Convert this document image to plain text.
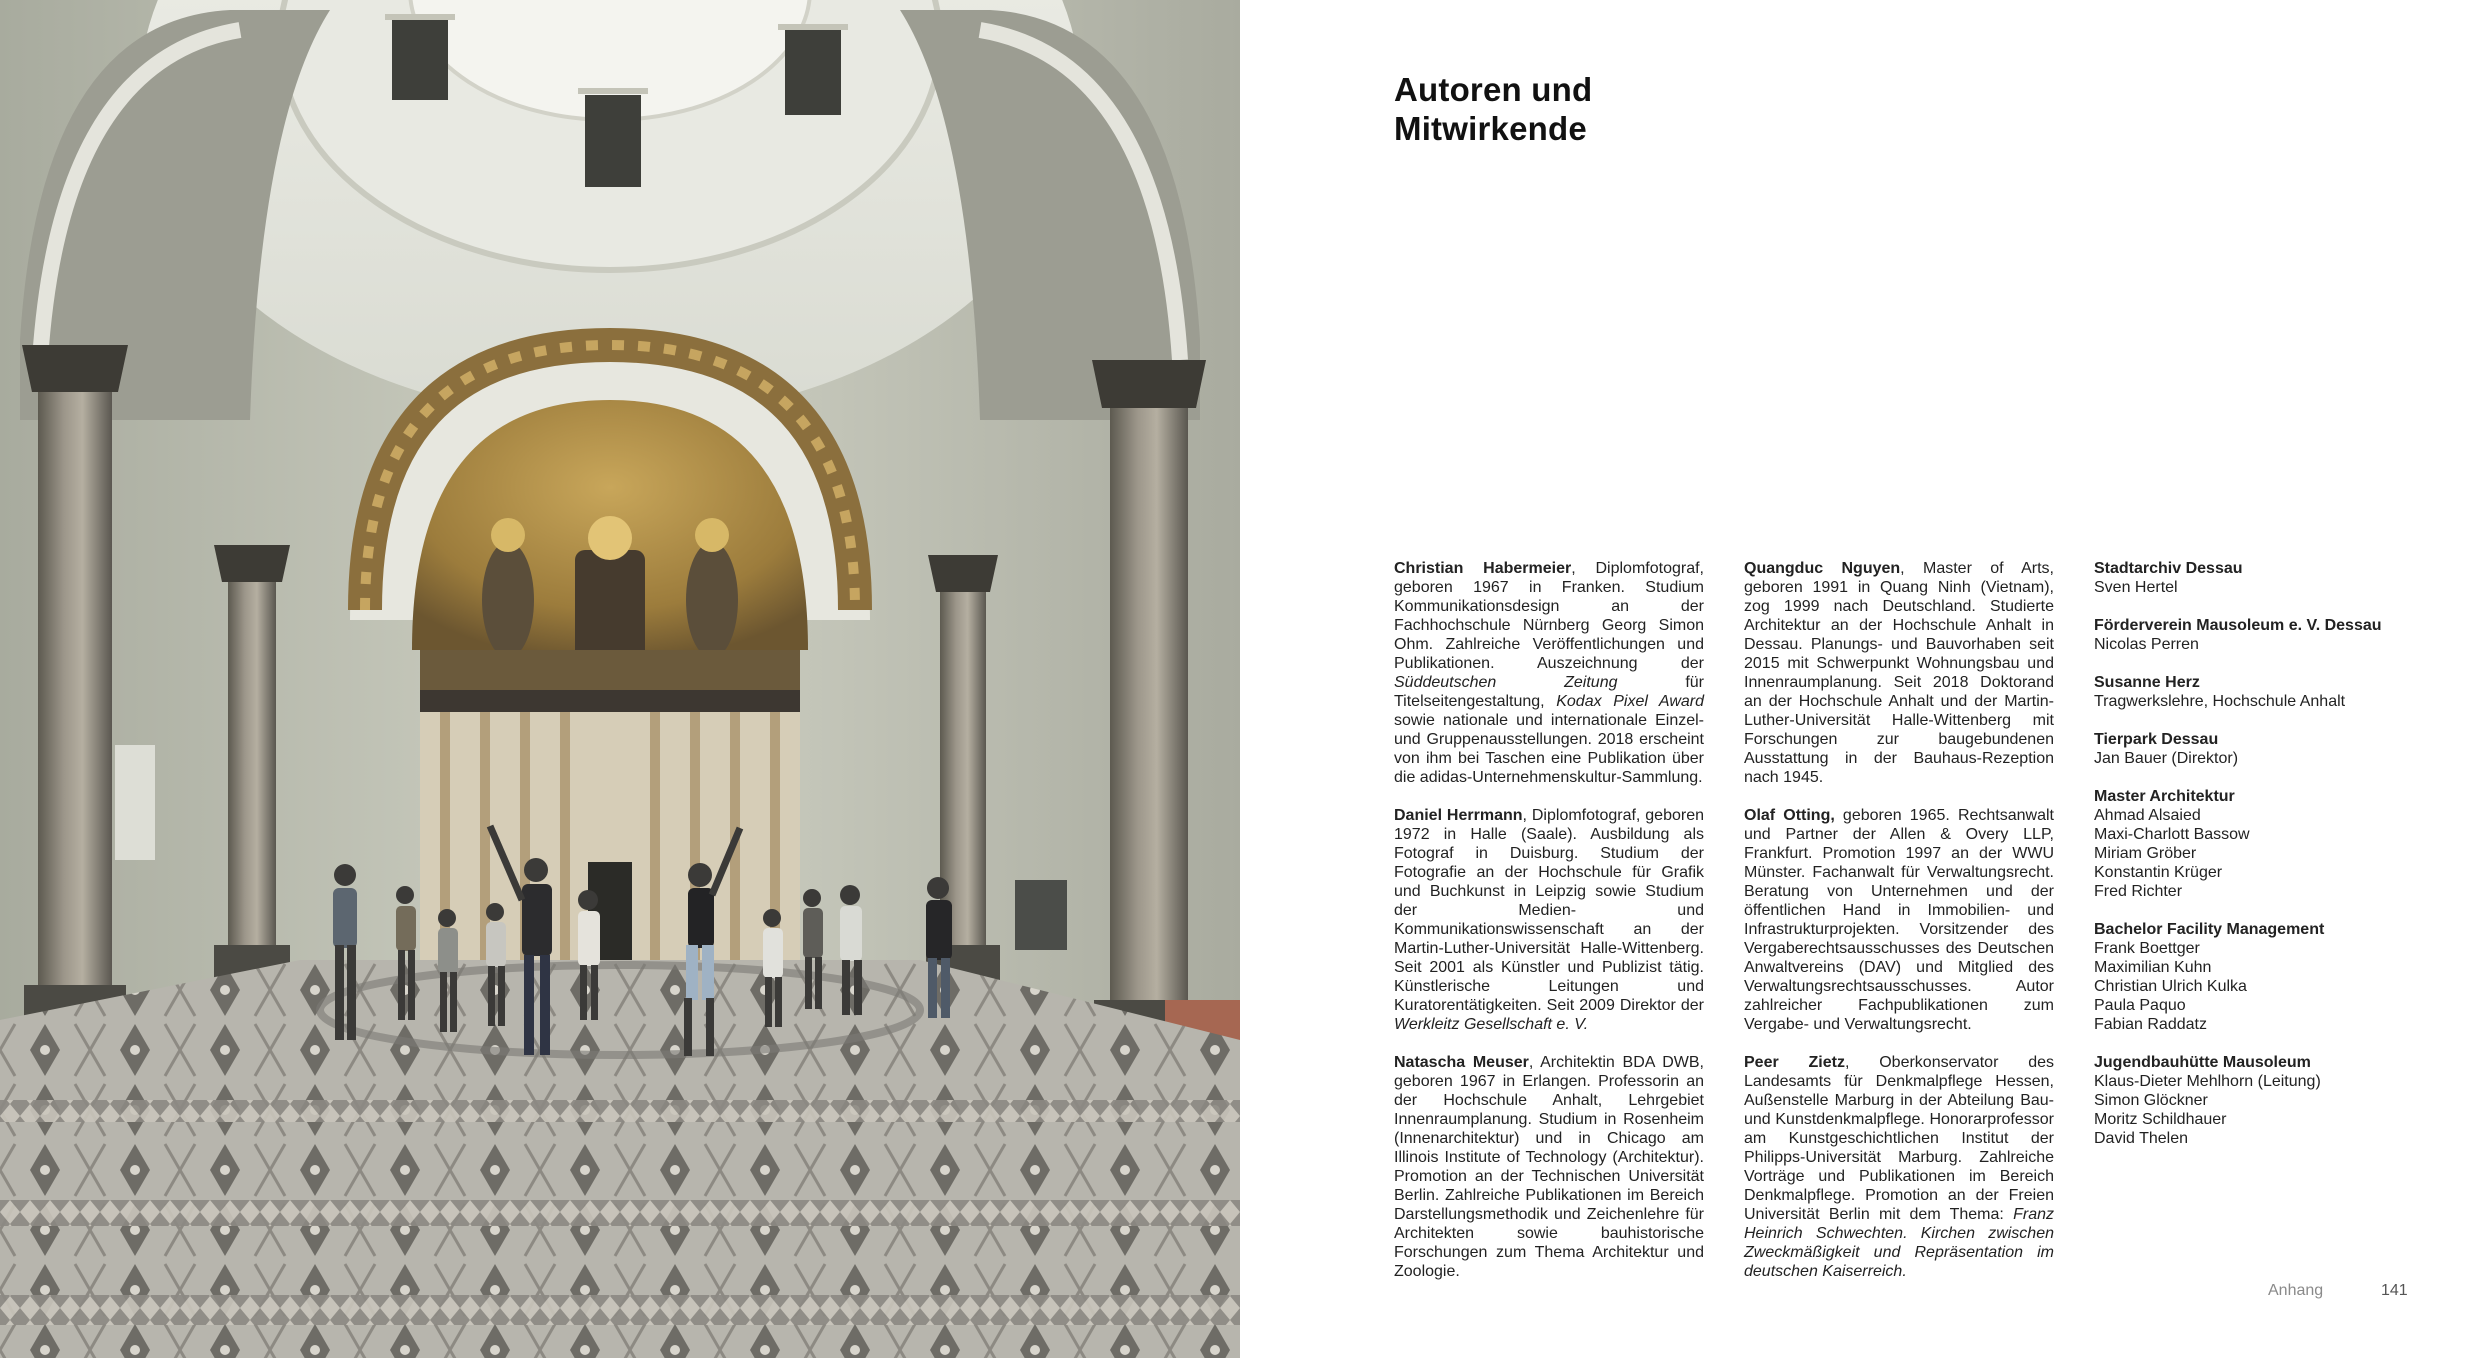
Autoren und
Mitwirkende

Christian Habermeier, Diplomfotograf, geboren 1967 in Franken. Studium Kommunikationsdesign an der Fachhochschule Nürnberg Georg Simon Ohm. Zahlreiche Veröffentlichungen und Publikationen. Auszeichnung der Süddeutschen Zeitung für Titelseitengestaltung, Kodax Pixel Award sowie nationale und internationale Einzel- und Gruppenausstellungen. 2018 erscheint von ihm bei Taschen eine Publikation über die adidas-Unternehmenskultur-Sammlung.

Daniel Herrmann, Diplomfotograf, geboren 1972 in Halle (Saale). Ausbildung als Fotograf in Duisburg. Studium der Fotografie an der Hochschule für Grafik und Buchkunst in Leipzig sowie Studium der Medien- und Kommunikationswissenschaft an der Martin-Luther-Universität Halle-Wittenberg. Seit 2001 als Künstler und Publizist tätig. Künstlerische Leitungen und Kuratorentätigkeiten. Seit 2009 Direktor der Werkleitz Gesellschaft e. V.

Natascha Meuser, Architektin BDA DWB, geboren 1967 in Erlangen. Professorin an der Hochschule Anhalt, Lehrgebiet Innenraumplanung. Studium in Rosenheim (Innenarchitektur) und in Chicago am Illinois Institute of Technology (Architektur). Promotion an der Technischen Universität Berlin. Zahlreiche Publikationen im Bereich Darstellungsmethodik und Zeichenlehre für Architekten sowie bauhistorische Forschungen zum Thema Architektur und Zoologie.

Quangduc Nguyen, Master of Arts, geboren 1991 in Quang Ninh (Vietnam), zog 1999 nach Deutschland. Studierte Architektur an der Hochschule Anhalt in Dessau. Planungs- und Bauvorhaben seit 2015 mit Schwerpunkt Wohnungsbau und Innenraumplanung. Seit 2018 Doktorand an der Hochschule Anhalt und der Martin-Luther-Universität Halle-Wittenberg mit Forschungen zur baugebundenen Ausstattung in der Bauhaus-Rezeption nach 1945.

Olaf Otting, geboren 1965. Rechtsanwalt und Partner der Allen & Overy LLP, Frankfurt. Promotion 1997 an der WWU Münster. Fachanwalt für Verwaltungsrecht. Beratung von Unternehmen und der öffentlichen Hand in Immobilien- und Infrastrukturprojekten. Vorsitzender des Vergaberechtsausschusses des Deutschen Anwaltvereins (DAV) und Mitglied des Verwaltungsrechtsausschusses. Autor zahlreicher Fachpublikationen zum Vergabe- und Verwaltungsrecht.

Peer Zietz, Oberkonservator des Landesamts für Denkmalpflege Hessen, Außenstelle Marburg in der Abteilung Bau- und Kunstdenkmalpflege. Honorarprofessor am Kunstgeschichtlichen Institut der Philipps-Universität Marburg. Zahlreiche Vorträge und Publikationen im Bereich Denkmalpflege. Promotion an der Freien Universität Berlin mit dem Thema: Franz Heinrich Schwechten. Kirchen zwischen Zweckmäßigkeit und Repräsentation im deutschen Kaiserreich.

Stadtarchiv Dessau
Sven Hertel
Förderverein Mausoleum e. V. Dessau
Nicolas Perren
Susanne Herz
Tragwerkslehre, Hochschule Anhalt
Tierpark Dessau
Jan Bauer (Direktor)
Master Architektur
Ahmad Alsaied
Maxi-Charlott Bassow
Miriam Gröber
Konstantin Krüger
Fred Richter
Bachelor Facility Management
Frank Boettger
Maximilian Kuhn
Christian Ulrich Kulka
Paula Paquo
Fabian Raddatz
Jugendbauhütte Mausoleum
Klaus-Dieter Mehlhorn (Leitung)
Simon Glöckner
Moritz Schildhauer
David Thelen
Anhang	141
